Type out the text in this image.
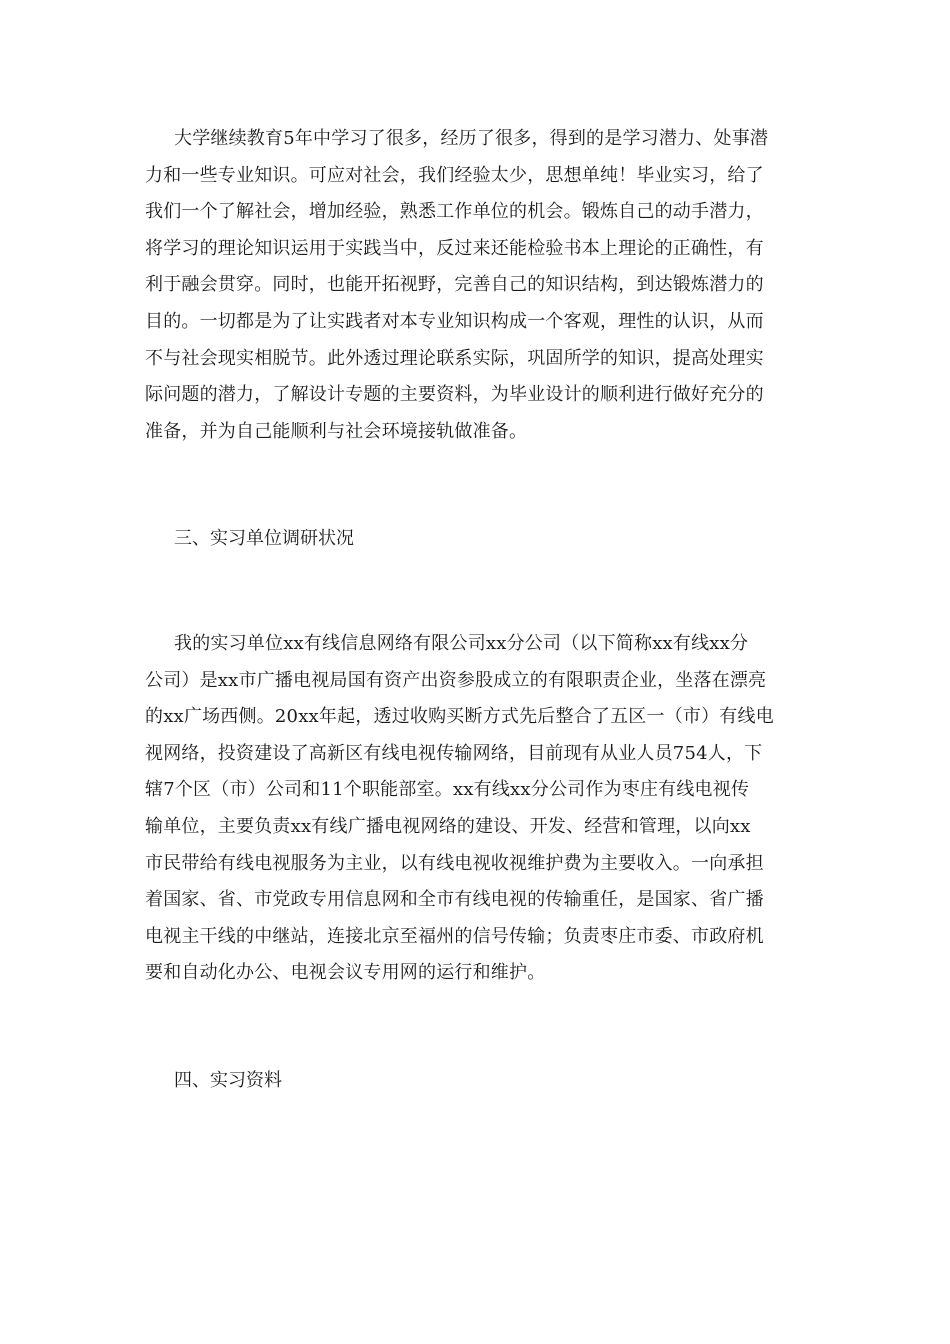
大学继续教育5年中学习了很多，经历了很多，得到的是学习潜力、处事潜
力和一些专业知识。可应对社会，我们经验太少，思想单纯！毕业实习，给了
我们一个了解社会，增加经验，熟悉工作单位的机会。锻炼自己的动手潜力，
将学习的理论知识运用于实践当中，反过来还能检验书本上理论的正确性，有
利于融会贯穿。同时，也能开拓视野，完善自己的知识结构，到达锻炼潜力的
目的。一切都是为了让实践者对本专业知识构成一个客观，理性的认识，从而
不与社会现实相脱节。此外透过理论联系实际，巩固所学的知识，提高处理实
际问题的潜力，了解设计专题的主要资料，为毕业设计的顺利进行做好充分的
准备，并为自己能顺利与社会环境接轨做准备。
三、实习单位调研状况
我的实习单位xx有线信息网络有限公司xx分公司（以下简称xx有线xx分
公司）是xx市广播电视局国有资产出资参股成立的有限职责企业，坐落在漂亮
的xx广场西侧。20xx年起，透过收购买断方式先后整合了五区一（市）有线电
视网络，投资建设了高新区有线电视传输网络，目前现有从业人员754人，下
辖7个区（市）公司和11个职能部室。xx有线xx分公司作为枣庄有线电视传
输单位，主要负责xx有线广播电视网络的建设、开发、经营和管理，以向xx
市民带给有线电视服务为主业，以有线电视收视维护费为主要收入。一向承担
着国家、省、市党政专用信息网和全市有线电视的传输重任，是国家、省广播
电视主干线的中继站，连接北京至福州的信号传输；负责枣庄市委、市政府机
要和自动化办公、电视会议专用网的运行和维护。
四、实习资料
